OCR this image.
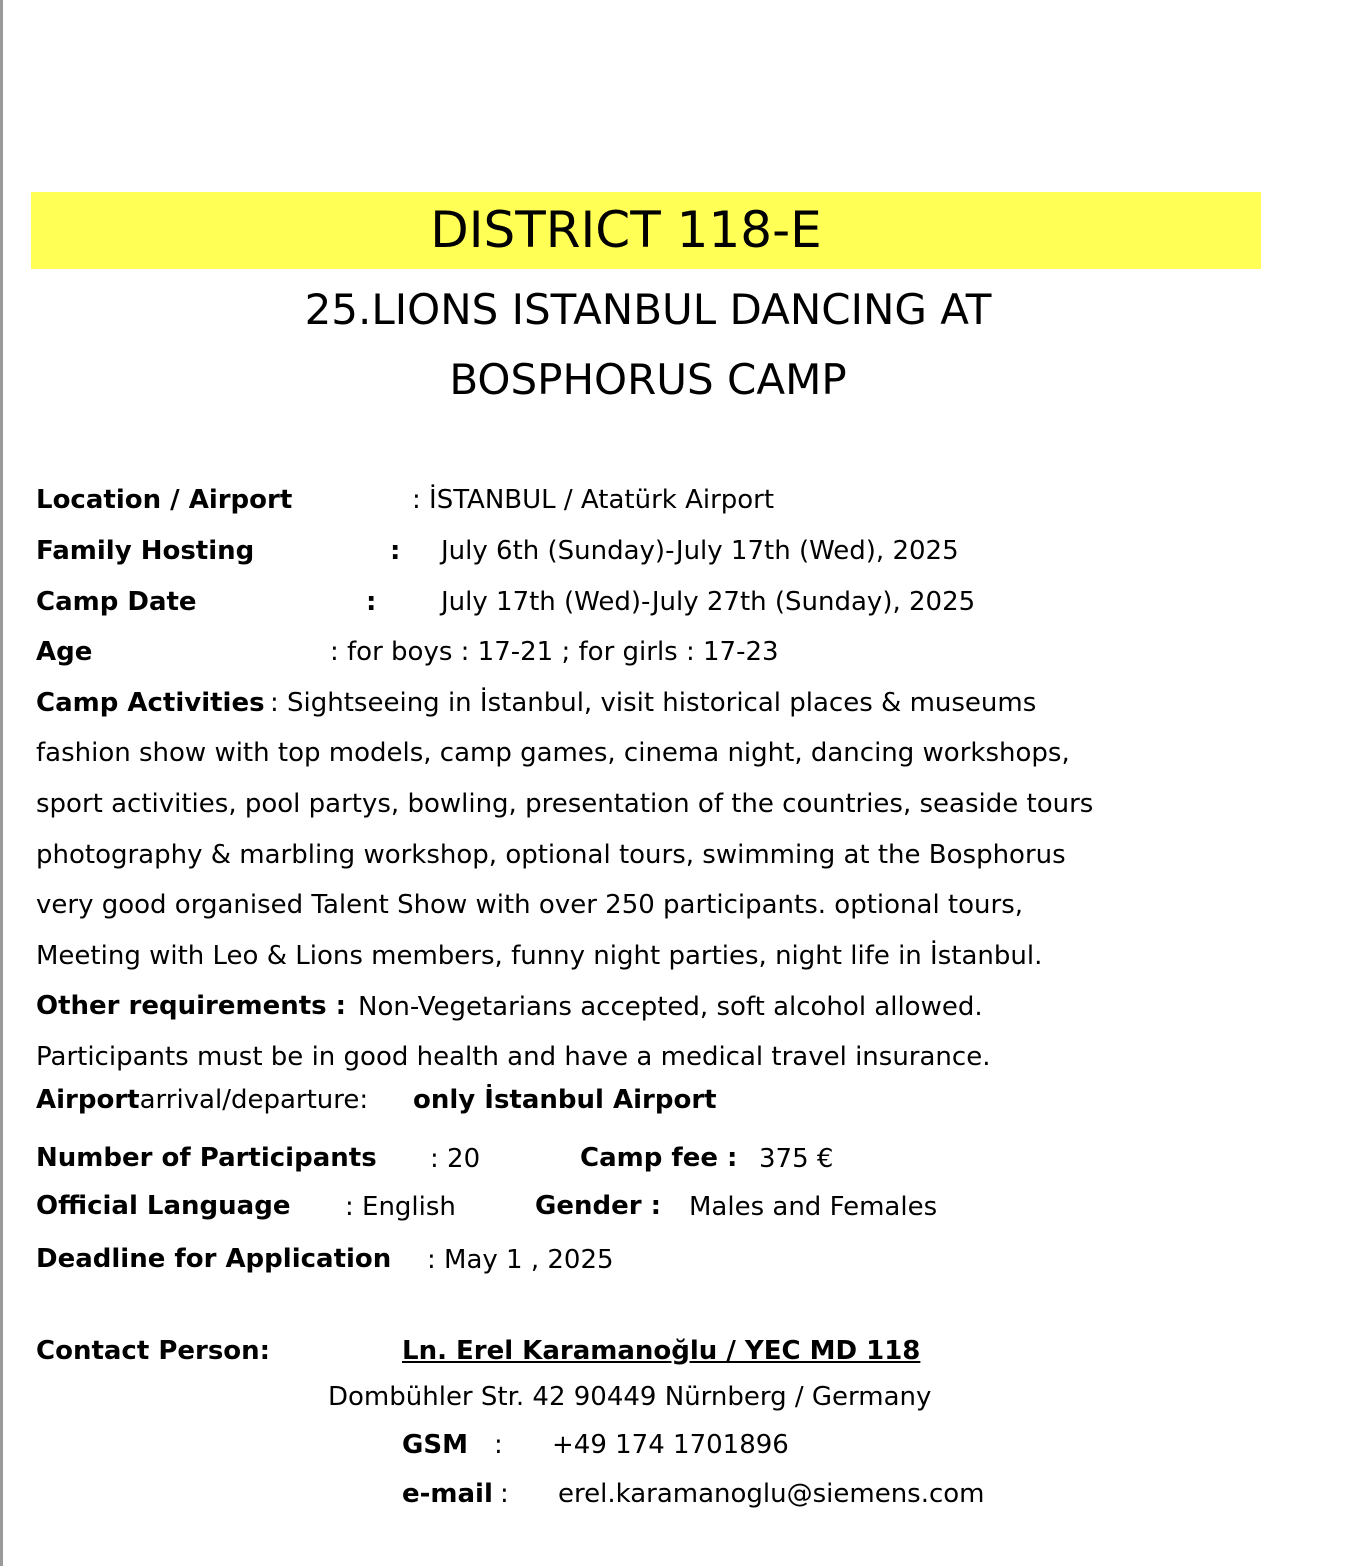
DISTRICT 118-E
25.LIONS ISTANBUL DANCING AT
BOSPHORUS CAMP
Location / Airport	: İSTANBUL / Atatürk Airport
Family Hosting	: July 6th (Sunday)-July 17th (Wed), 2025
Camp Date	: July 17th (Wed)-July 27th (Sunday), 2025
Age	: for boys : 17-21 ; for girls : 17-23
Camp Activities : Sightseeing in İstanbul, visit historical places & museums
fashion show with top models, camp games, cinema night, dancing workshops,
sport activities, pool partys, bowling, presentation of the countries, seaside tours
photography & marbling workshop, optional tours, swimming at the Bosphorus
very good organised Talent Show with over 250 participants. optional tours,
Meeting with Leo & Lions members, funny night parties, night life in İstanbul.
Other requirements : Non-Vegetarians accepted, soft alcohol allowed.
Participants must be in good health and have a medical travel insurance.
Airportarrival/departure: only İstanbul Airport
Number of Participants : 20	Camp fee : 375 €
Official Language : English	Gender : Males and Females
Deadline for Application : May 1 , 2025
Contact Person:	Ln. Erel Karamanoğlu / YEC MD 118
Dombühler Str. 42 90449 Nürnberg / Germany
GSM : +49 174 1701896
e-mail : erel.karamanoglu@siemens.com
